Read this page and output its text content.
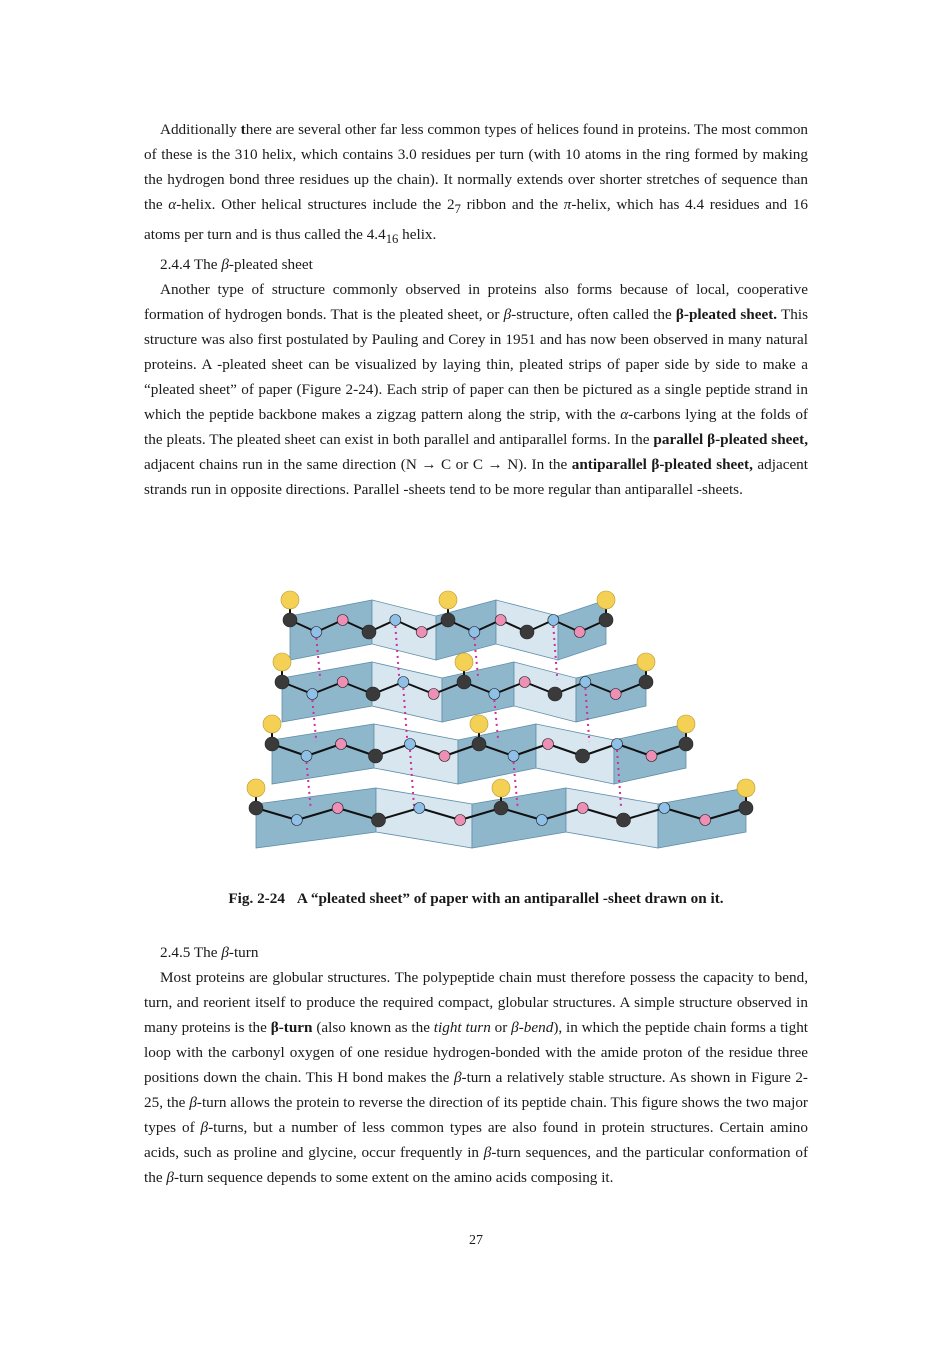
Additionally there are several other far less common types of helices found in proteins. The most common of these is the 310 helix, which contains 3.0 residues per turn (with 10 atoms in the ring formed by making the hydrogen bond three residues up the chain). It normally extends over shorter stretches of sequence than the α-helix. Other helical structures include the $2_7$ ribbon and the π-helix, which has 4.4 residues and 16 atoms per turn and is thus called the $4.4_{16}$ helix.

2.4.4 The β-pleated sheet

Another type of structure commonly observed in proteins also forms because of local, cooperative formation of hydrogen bonds. That is the pleated sheet, or β-structure, often called the β-pleated sheet. This structure was also first postulated by Pauling and Corey in 1951 and has now been observed in many natural proteins. A -pleated sheet can be visualized by laying thin, pleated strips of paper side by side to make a “pleated sheet” of paper (Figure 2-24). Each strip of paper can then be pictured as a single peptide strand in which the peptide backbone makes a zigzag pattern along the strip, with the α-carbons lying at the folds of the pleats. The pleated sheet can exist in both parallel and antiparallel forms. In the parallel β-pleated sheet, adjacent chains run in the same direction (N → C or C → N). In the antiparallel β-pleated sheet, adjacent strands run in opposite directions. Parallel -sheets tend to be more regular than antiparallel -sheets.

Fig. 2-24 A “pleated sheet” of paper with an antiparallel -sheet drawn on it.

2.4.5 The β-turn

Most proteins are globular structures. The polypeptide chain must therefore possess the capacity to bend, turn, and reorient itself to produce the required compact, globular structures. A simple structure observed in many proteins is the β-turn (also known as the tight turn or β-bend), in which the peptide chain forms a tight loop with the carbonyl oxygen of one residue hydrogen-bonded with the amide proton of the residue three positions down the chain. This H bond makes the β-turn a relatively stable structure. As shown in Figure 2-25, the β-turn allows the protein to reverse the direction of its peptide chain. This figure shows the two major types of β-turns, but a number of less common types are also found in protein structures. Certain amino acids, such as proline and glycine, occur frequently in β-turn sequences, and the particular conformation of the β-turn sequence depends to some extent on the amino acids composing it.

27
